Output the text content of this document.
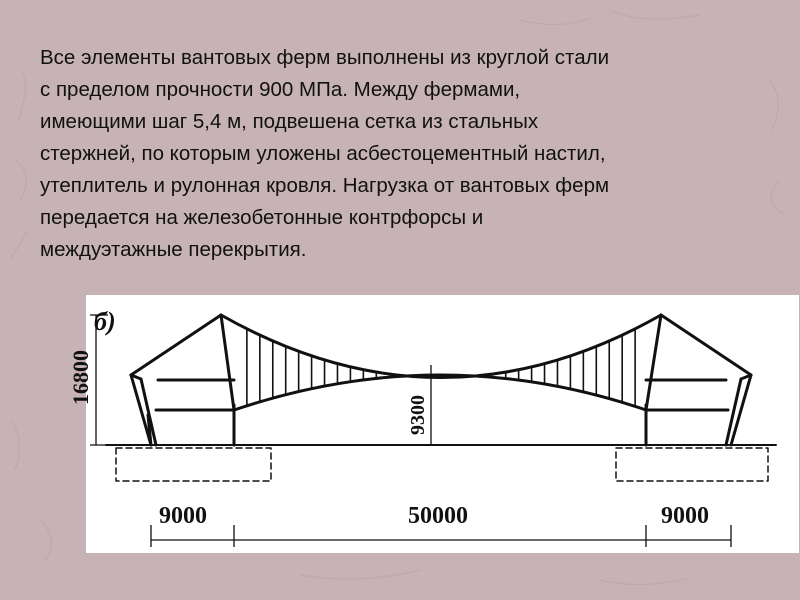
Все элементы вантовых ферм выполнены из круглой стали
с пределом прочности 900 МПа. Между фермами,
имеющими шаг 5,4 м, подвешена сетка из стальных
стержней, по которым уложены асбестоцементный настил,
утеплитель и рулонная кровля. Нагрузка от вантовых ферм
передается на железобетонные контрфорсы и
междуэтажные перекрытия.
б)
16800
9300
9000	50000	9000
